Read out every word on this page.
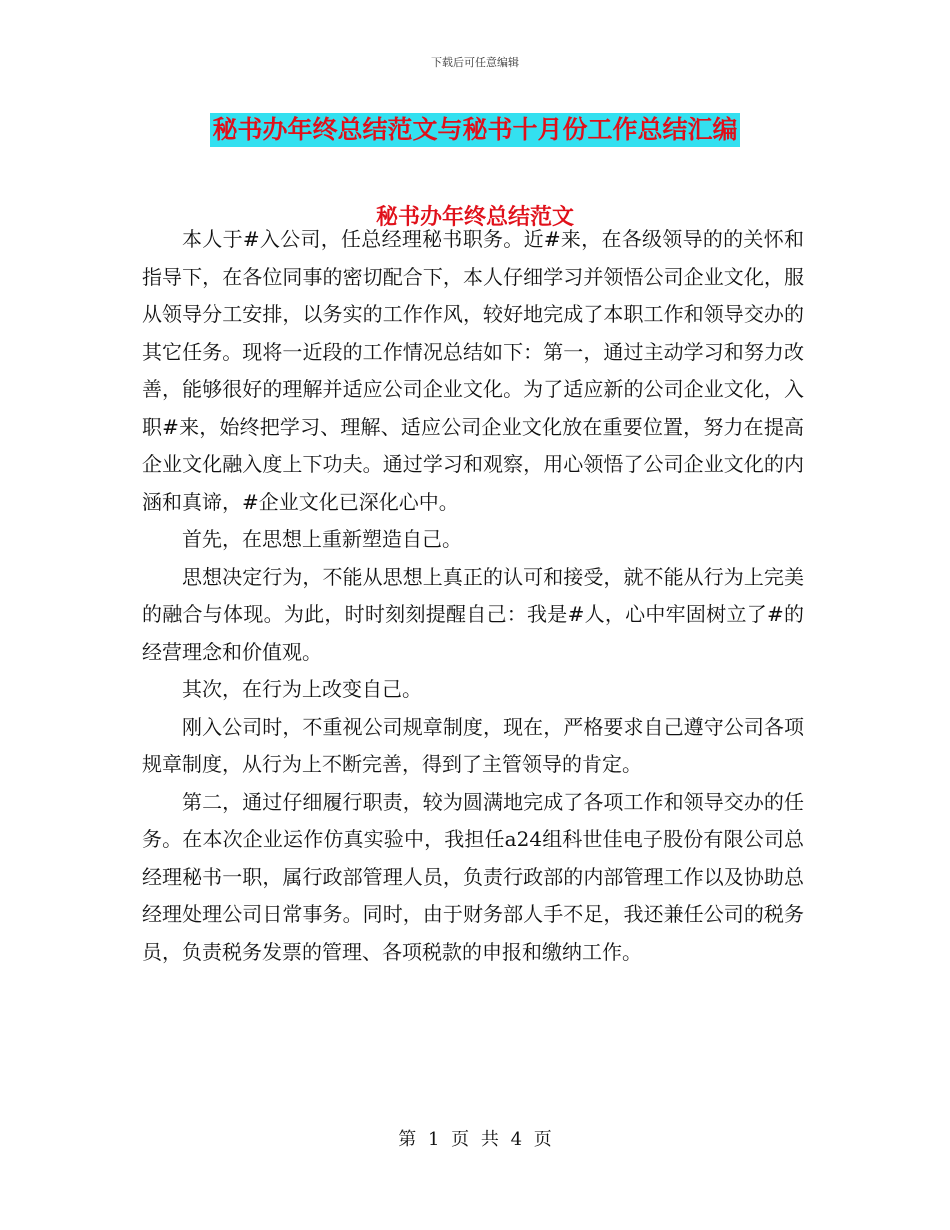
下载后可任意编辑
秘书办年终总结范文与秘书十月份工作总结汇编
秘书办年终总结范文

本人于#入公司，任总经理秘书职务。近#来，在各级领导的的关怀和指导下，在各位同事的密切配合下，本人仔细学习并领悟公司企业文化，服从领导分工安排，以务实的工作作风，较好地完成了本职工作和领导交办的其它任务。现将一近段的工作情况总结如下：第一，通过主动学习和努力改善，能够很好的理解并适应公司企业文化。为了适应新的公司企业文化，入职#来，始终把学习、理解、适应公司企业文化放在重要位置，努力在提高企业文化融入度上下功夫。通过学习和观察，用心领悟了公司企业文化的内涵和真谛，#企业文化已深化心中。

首先，在思想上重新塑造自己。

思想决定行为，不能从思想上真正的认可和接受，就不能从行为上完美的融合与体现。为此，时时刻刻提醒自己：我是#人，心中牢固树立了#的经营理念和价值观。

其次，在行为上改变自己。

刚入公司时，不重视公司规章制度，现在，严格要求自己遵守公司各项规章制度，从行为上不断完善，得到了主管领导的肯定。

第二，通过仔细履行职责，较为圆满地完成了各项工作和领导交办的任务。在本次企业运作仿真实验中，我担任a24组科世佳电子股份有限公司总经理秘书一职，属行政部管理人员，负责行政部的内部管理工作以及协助总经理处理公司日常事务。同时，由于财务部人手不足，我还兼任公司的税务员，负责税务发票的管理、各项税款的申报和缴纳工作。

第 1 页 共 4 页
